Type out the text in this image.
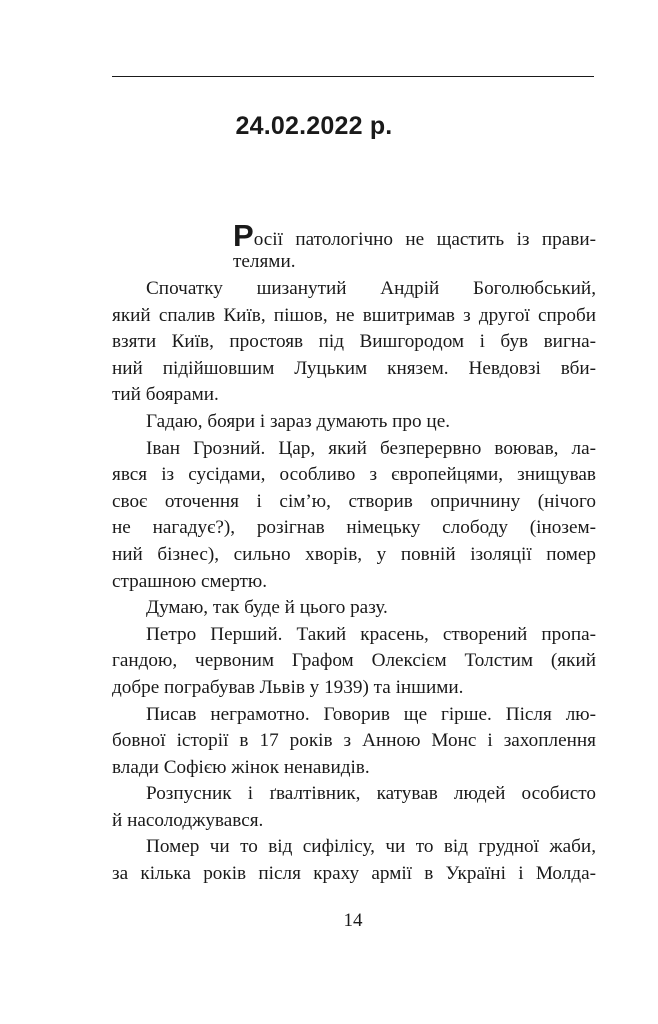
24.02.2022 р.
Росії патологічно не щастить із прави-
телями.
Спочатку шизанутий Андрій Боголюбський,
який спалив Київ, пішов, не вшитримав з другої спроби
взяти Київ, простояв під Вишгородом і був вигна-
ний підійшовшим Луцьким князем. Невдовзі вби-
тий боярами.
Гадаю, бояри і зараз думають про це.
Іван Грозний. Цар, який безперервно воював, ла-
явся із сусідами, особливо з європейцями, знищував
своє оточення і сім’ю, створив опричнину (нічого
не нагадує?), розігнав німецьку слободу (інозем-
ний бізнес), сильно хворів, у повній ізоляції помер
страшною смертю.
Думаю, так буде й цього разу.
Петро Перший. Такий красень, створений пропа-
гандою, червоним Графом Олексієм Толстим (який
добре пограбував Львів у 1939) та іншими.
Писав неграмотно. Говорив ще гірше. Після лю-
бовної історії в 17 років з Анною Монс і захоплення
влади Софією жінок ненавидів.
Розпусник і ґвалтівник, катував людей особисто
й насолоджувався.
Помер чи то від сифілісу, чи то від грудної жаби,
за кілька років після краху армії в Україні і Молда-
14
